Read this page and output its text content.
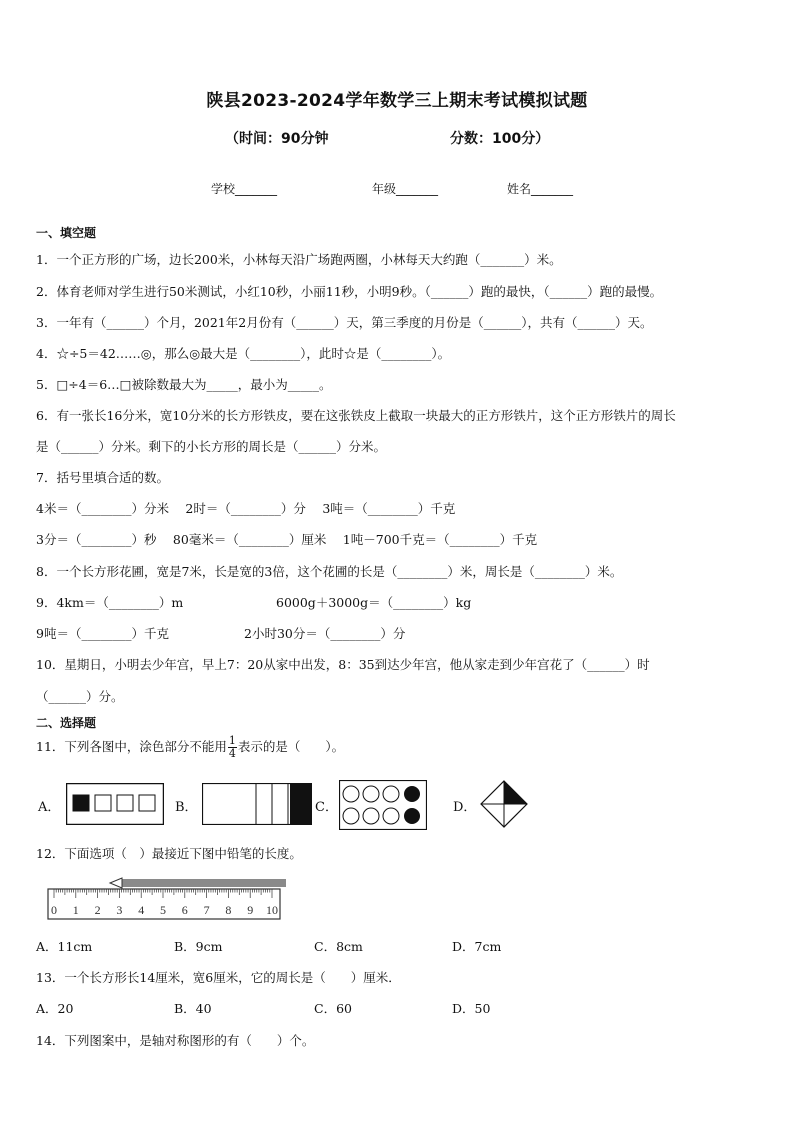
陕县2023-2024学年数学三上期末考试模拟试题
（时间：90分钟	分数：100分）
学校_______	年级_______	姓名_______
一、填空题
1．一个正方形的广场，边长200米，小林每天沿广场跑两圈，小林每天大约跑（_______）米。
2．体育老师对学生进行50米测试，小红10秒，小丽11秒，小明9秒。（______）跑的最快，（______）跑的最慢。
3．一年有（______）个月，2021年2月份有（______）天，第三季度的月份是（______），共有（______）天。
4．☆÷5＝42……◎，那么◎最大是（________），此时☆是（________）。
5．□÷4＝6…□被除数最大为_____，最小为_____。
6．有一张长16分米，宽10分米的长方形铁皮，要在这张铁皮上截取一块最大的正方形铁片，这个正方形铁片的周长
是（______）分米。剩下的小长方形的周长是（______）分米。
7．括号里填合适的数。
4米＝（________）分米　 2时＝（________）分　 3吨＝（________）千克
3分＝（________）秒　 80毫米＝（________）厘米　 1吨－700千克＝（________）千克
8．一个长方形花圃，宽是7米，长是宽的3倍，这个花圃的长是（________）米，周长是（________）米。
9．4km＝（________）m	6000g＋3000g＝（________）kg
9吨＝（________）千克	2小时30分＝（________）分
10．星期日，小明去少年宫，早上7：20从家中出发，8：35到达少年宫，他从家走到少年宫花了（______）时
（______）分。
二、选择题
11．下列各图中，涂色部分不能用 $\frac{1}{4}$ 表示的是（　　）。
A．	B．	C．	D．
12．下面选项（　）最接近下图中铅笔的长度。
0 1 2 3 4 5 6 7 8 9 10
A．11cm	B．9cm	C．8cm	D．7cm
13．一个长方形长14厘米，宽6厘米，它的周长是（　　）厘米．
A．20	B．40	C．60	D．50
14．下列图案中，是轴对称图形的有（　　）个。
